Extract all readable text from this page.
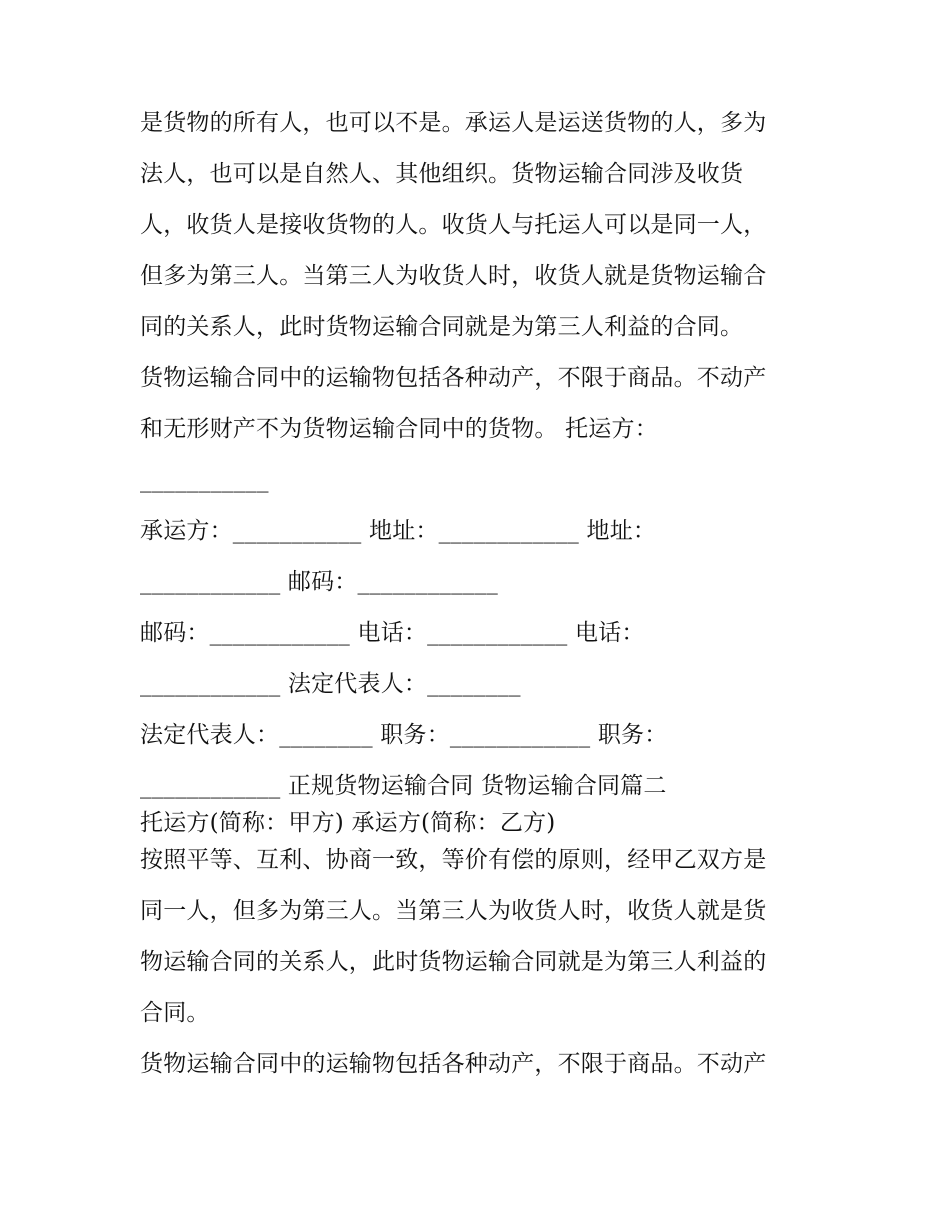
是货物的所有人，也可以不是。承运人是运送货物的人，多为
法人，也可以是自然人、其他组织。货物运输合同涉及收货
人，收货人是接收货物的人。收货人与托运人可以是同一人，
但多为第三人。当第三人为收货人时，收货人就是货物运输合
同的关系人，此时货物运输合同就是为第三人利益的合同。
货物运输合同中的运输物包括各种动产，不限于商品。不动产
和无形财产不为货物运输合同中的货物。 托运方：
___________
承运方：___________ 地址：____________ 地址：
____________ 邮码：____________
邮码：____________ 电话：____________ 电话：
____________ 法定代表人：________
法定代表人：________ 职务：____________ 职务：
____________ 正规货物运输合同 货物运输合同篇二
托运方(简称：甲方) 承运方(简称：乙方)
按照平等、互利、协商一致，等价有偿的原则，经甲乙双方是
同一人，但多为第三人。当第三人为收货人时，收货人就是货
物运输合同的关系人，此时货物运输合同就是为第三人利益的
合同。
货物运输合同中的运输物包括各种动产，不限于商品。不动产
